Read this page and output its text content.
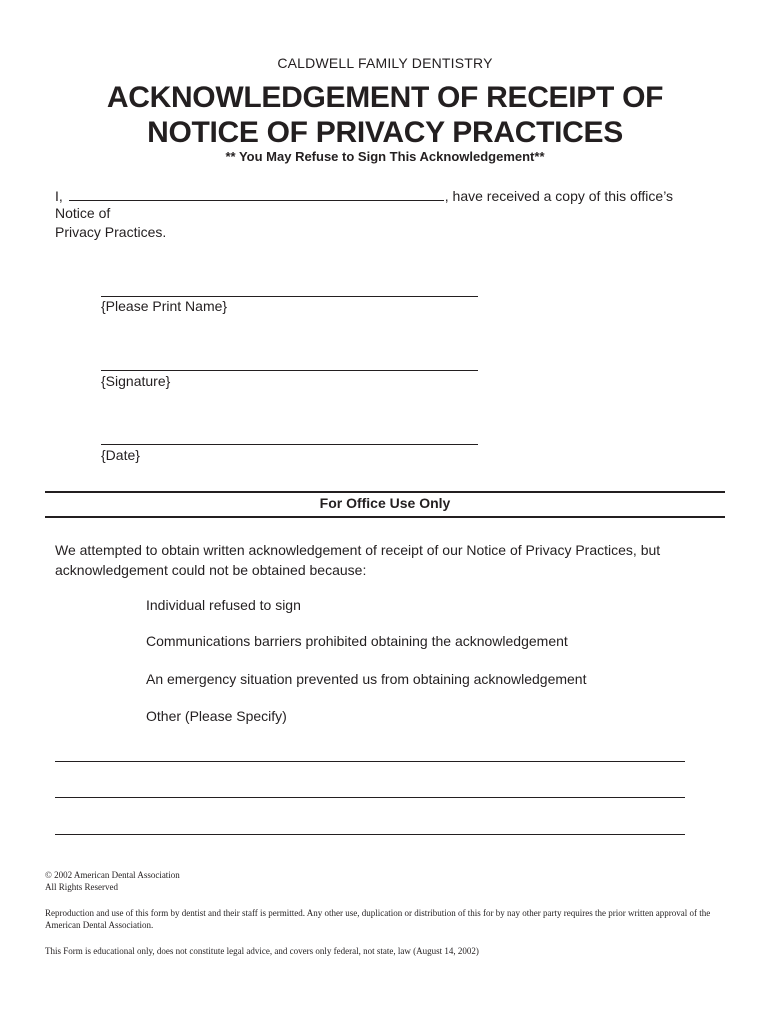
CALDWELL FAMILY DENTISTRY
ACKNOWLEDGEMENT OF RECEIPT OF
NOTICE OF PRIVACY PRACTICES
** You May Refuse to Sign This Acknowledgement**
I,	, have received a copy of this office’s
Notice of
Privacy Practices.
{Please Print Name}
{Signature}
{Date}
For Office Use Only
We attempted to obtain written acknowledgement of receipt of our Notice of Privacy Practices, but acknowledgement could not be obtained because:
Individual refused to sign
Communications barriers prohibited obtaining the acknowledgement
An emergency situation prevented us from obtaining acknowledgement
Other (Please Specify)
© 2002 American Dental Association
All Rights Reserved
Reproduction and use of this form by dentist and their staff is permitted. Any other use, duplication or distribution of this for by nay other party requires the prior written approval of the American Dental Association.
This Form is educational only, does not constitute legal advice, and covers only federal, not state, law (August 14, 2002)
